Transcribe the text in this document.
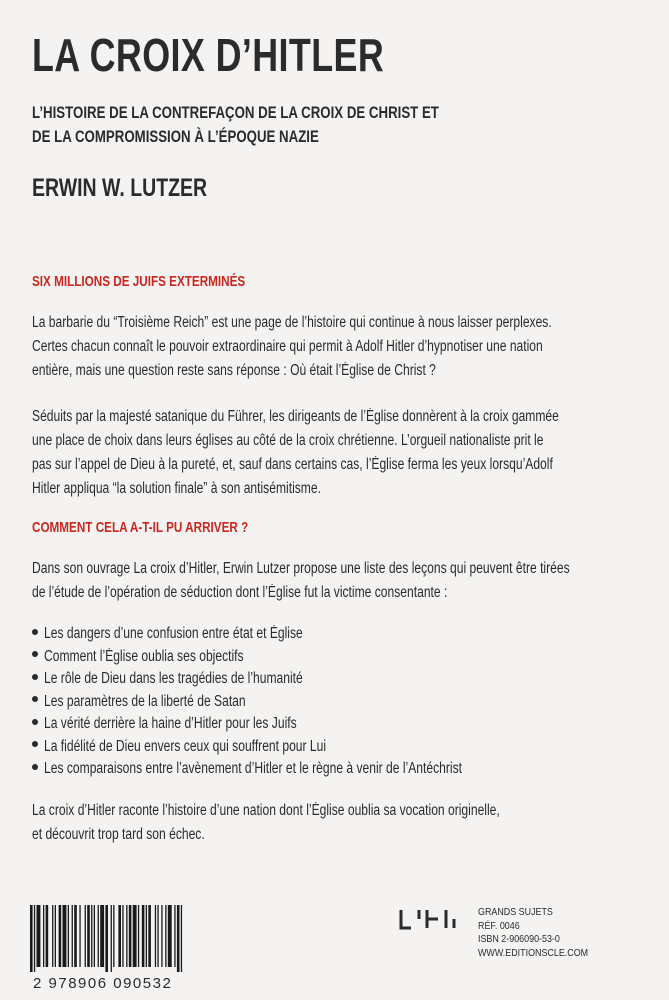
LA CROIX D’HITLER
L’HISTOIRE DE LA CONTREFAÇON DE LA CROIX DE CHRIST ET
DE LA COMPROMISSION À L’ÉPOQUE NAZIE
ERWIN W. LUTZER
SIX MILLIONS DE JUIFS EXTERMINÉS
La barbarie du “Troisième Reich” est une page de l’histoire qui continue à nous laisser perplexes.
Certes chacun connaît le pouvoir extraordinaire qui permit à Adolf Hitler d’hypnotiser une nation
entière, mais une question reste sans réponse : Où était l’Église de Christ ?
Séduits par la majesté satanique du Führer, les dirigeants de l’Église donnèrent à la croix gammée
une place de choix dans leurs églises au côté de la croix chrétienne. L’orgueil nationaliste prit le
pas sur l’appel de Dieu à la pureté, et, sauf dans certains cas, l’Église ferma les yeux lorsqu’Adolf
Hitler appliqua “la solution finale” à son antisémitisme.
COMMENT CELA A-T-IL PU ARRIVER ?
Dans son ouvrage La croix d’Hitler, Erwin Lutzer propose une liste des leçons qui peuvent être tirées
de l’étude de l’opération de séduction dont l’Église fut la victime consentante :
Les dangers d’une confusion entre état et Église
Comment l’Église oublia ses objectifs
Le rôle de Dieu dans les tragédies de l’humanité
Les paramètres de la liberté de Satan
La vérité derrière la haine d’Hitler pour les Juifs
La fidélité de Dieu envers ceux qui souffrent pour Lui
Les comparaisons entre l’avènement d’Hitler et le règne à venir de l’Antéchrist
La croix d’Hitler raconte l’histoire d’une nation dont l’Église oublia sa vocation originelle,
et découvrit trop tard son échec.
2 978906 090532
GRANDS SUJETS
RÉF. 0046
ISBN 2-906090-53-0
WWW.EDITIONSCLE.COM
